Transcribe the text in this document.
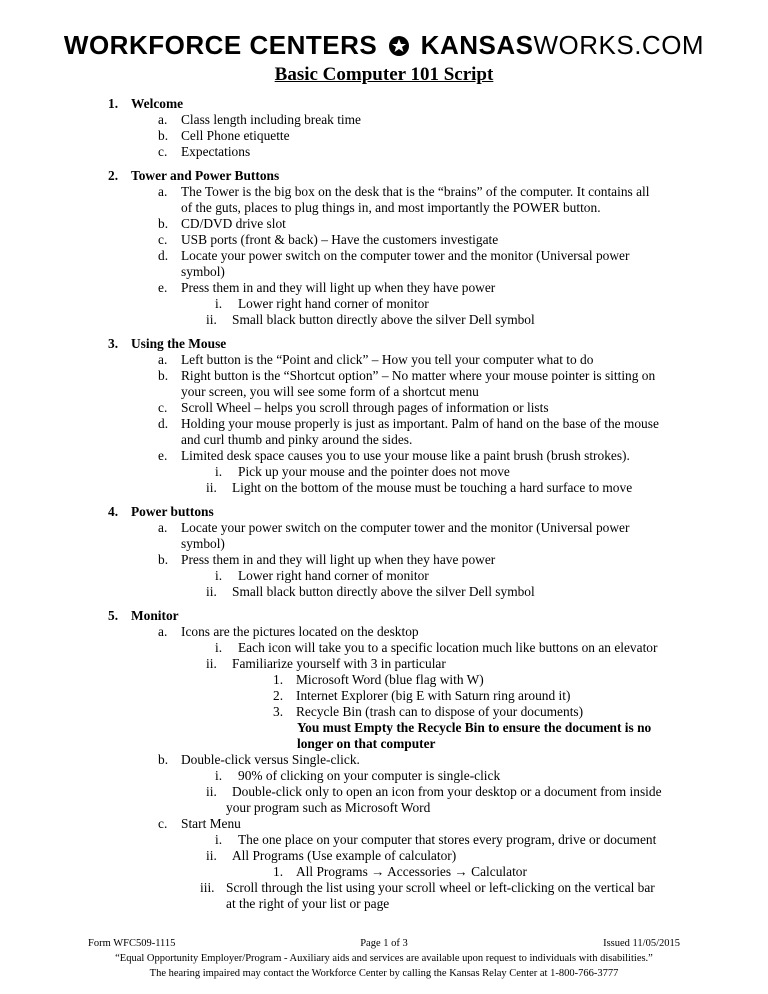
WORKFORCE CENTERS KANSASWORKS.COM
Basic Computer 101 Script
1. Welcome
a. Class length including break time
b. Cell Phone etiquette
c. Expectations
2. Tower and Power Buttons
a. The Tower is the big box on the desk that is the “brains” of the computer. It contains all
of the guts, places to plug things in, and most importantly the POWER button.
b. CD/DVD drive slot
c. USB ports (front & back) – Have the customers investigate
d. Locate your power switch on the computer tower and the monitor (Universal power
symbol)
e. Press them in and they will light up when they have power
i. Lower right hand corner of monitor
ii. Small black button directly above the silver Dell symbol
3. Using the Mouse
a. Left button is the “Point and click” – How you tell your computer what to do
b. Right button is the “Shortcut option” – No matter where your mouse pointer is sitting on
your screen, you will see some form of a shortcut menu
c. Scroll Wheel – helps you scroll through pages of information or lists
d. Holding your mouse properly is just as important. Palm of hand on the base of the mouse
and curl thumb and pinky around the sides.
e. Limited desk space causes you to use your mouse like a paint brush (brush strokes).
i. Pick up your mouse and the pointer does not move
ii. Light on the bottom of the mouse must be touching a hard surface to move
4. Power buttons
a. Locate your power switch on the computer tower and the monitor (Universal power
symbol)
b. Press them in and they will light up when they have power
i. Lower right hand corner of monitor
ii. Small black button directly above the silver Dell symbol
5. Monitor
a. Icons are the pictures located on the desktop
i. Each icon will take you to a specific location much like buttons on an elevator
ii. Familiarize yourself with 3 in particular
1. Microsoft Word (blue flag with W)
2. Internet Explorer (big E with Saturn ring around it)
3. Recycle Bin (trash can to dispose of your documents)
You must Empty the Recycle Bin to ensure the document is no
longer on that computer
b. Double-click versus Single-click.
i. 90% of clicking on your computer is single-click
ii. Double-click only to open an icon from your desktop or a document from inside
your program such as Microsoft Word
c. Start Menu
i. The one place on your computer that stores every program, drive or document
ii. All Programs (Use example of calculator)
1. All Programs → Accessories → Calculator
iii. Scroll through the list using your scroll wheel or left-clicking on the vertical bar
at the right of your list or page
Form WFC509-1115	Page 1 of 3	Issued 11/05/2015
“Equal Opportunity Employer/Program - Auxiliary aids and services are available upon request to individuals with disabilities.”
The hearing impaired may contact the Workforce Center by calling the Kansas Relay Center at 1-800-766-3777
